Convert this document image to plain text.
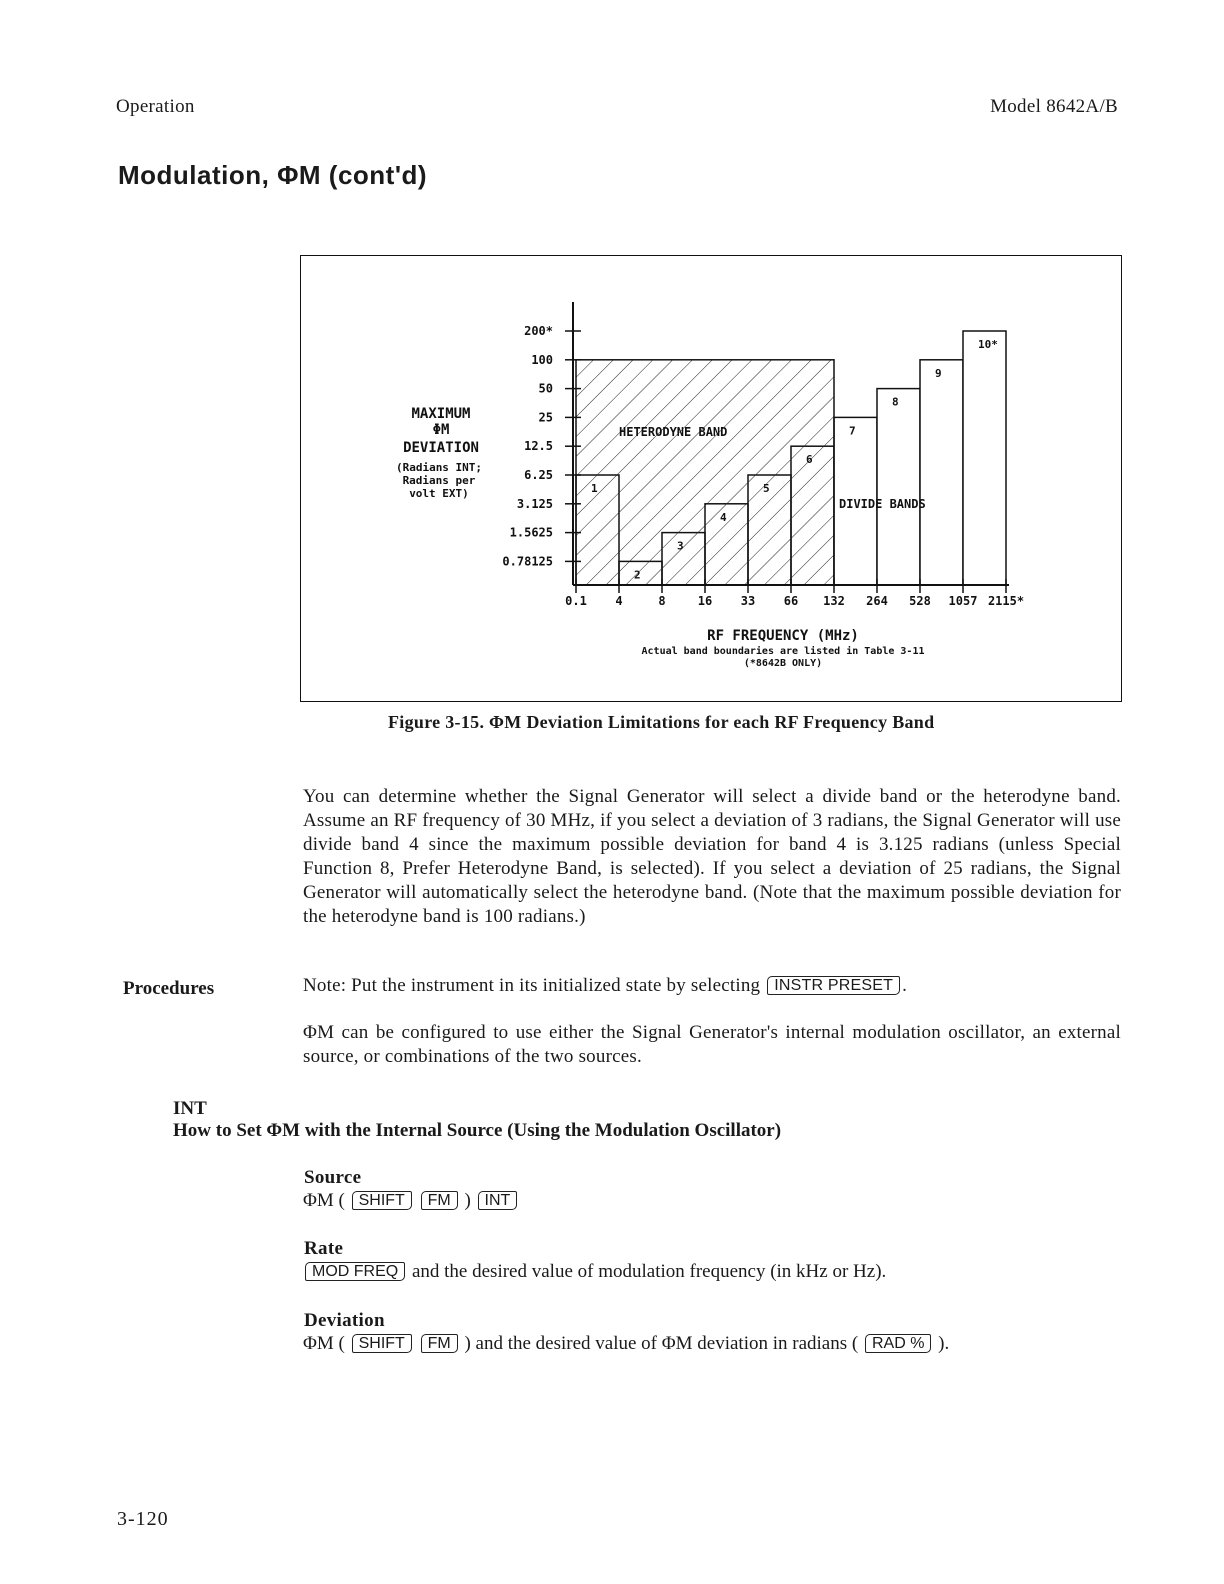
Operation	Model 8642A/B
Modulation, ΦM (cont'd)
MAXIMUM
ΦM
DEVIATION
(Radians INT;
Radians per
volt EXT)
7
8
9
10*
200*
100
50
25
12.5
6.25
3.125
1.5625
0.78125
0.1 4	8	16 33 66 132 264 528 1057 2115*
HETERODYNE BAND
DIVIDE BANDS
RF FREQUENCY (MHz)
Actual band boundaries are listed in Table 3-11
(*8642B ONLY)
Figure 3-15. ΦM Deviation Limitations for each RF Frequency Band

You can determine whether the Signal Generator will select a divide band or the heterodyne band. Assume an RF frequency of 30 MHz, if you select a deviation of 3 radians, the Signal Generator will use divide band 4 since the maximum possible deviation for band 4 is 3.125 radians (unless Special Function 8, Prefer Heterodyne Band, is selected). If you select a deviation of 25 radians, the Signal Generator will automatically select the heterodyne band. (Note that the maximum possible deviation for the heterodyne band is 100 radians.)

Procedures	Note: Put the instrument in its initialized state by selecting INSTR PRESET .

ΦM can be configured to use either the Signal Generator's internal modulation oscillator, an external source, or combinations of the two sources.

INT
How to Set ΦM with the Internal Source (Using the Modulation Oscillator)
Source
ΦM ( SHIFT FM ) INT
Rate
MOD FREQ and the desired value of modulation frequency (in kHz or Hz).
Deviation
ΦM ( SHIFT FM ) and the desired value of ΦM deviation in radians ( RAD % ).
3-120
